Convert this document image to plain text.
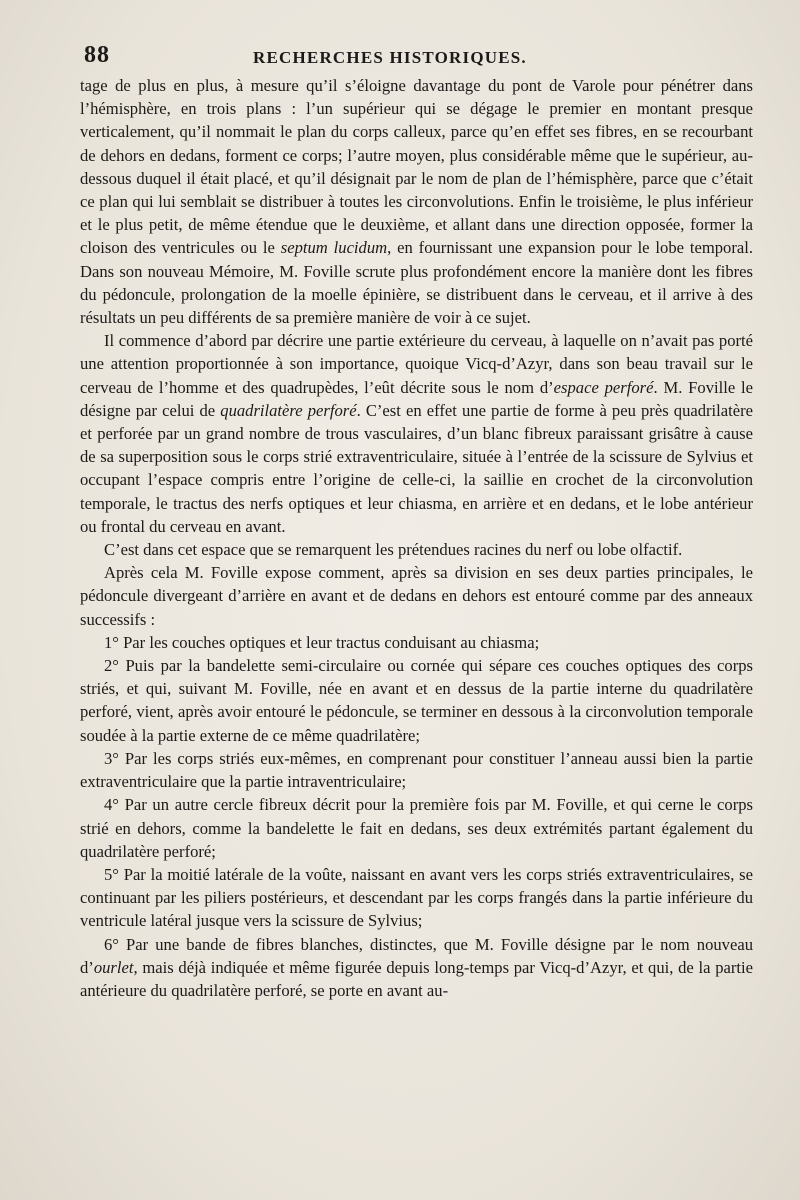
88	RECHERCHES HISTORIQUES.

tage de plus en plus, à mesure qu’il s’éloigne davantage du pont de Varole pour pénétrer dans l’hémisphère, en trois plans : l’un supérieur qui se dégage le premier en montant presque verticalement, qu’il nommait le plan du corps calleux, parce qu’en effet ses fibres, en se recourbant de dehors en dedans, forment ce corps; l’autre moyen, plus considérable même que le supérieur, au-dessous duquel il était placé, et qu’il désignait par le nom de plan de l’hémisphère, parce que c’était ce plan qui lui semblait se distribuer à toutes les circonvolutions. Enfin le troisième, le plus inférieur et le plus petit, de même étendue que le deuxième, et allant dans une direction opposée, former la cloison des ventricules ou le septum lucidum, en fournissant une expansion pour le lobe temporal. Dans son nouveau Mémoire, M. Foville scrute plus profondément encore la manière dont les fibres du pédoncule, prolongation de la moelle épinière, se distribuent dans le cerveau, et il arrive à des résultats un peu différents de sa première manière de voir à ce sujet.

Il commence d’abord par décrire une partie extérieure du cerveau, à laquelle on n’avait pas porté une attention proportionnée à son importance, quoique Vicq-d’Azyr, dans son beau travail sur le cerveau de l’homme et des quadrupèdes, l’eût décrite sous le nom d’espace perforé. M. Foville le désigne par celui de quadrilatère perforé. C’est en effet une partie de forme à peu près quadrilatère et perforée par un grand nombre de trous vasculaires, d’un blanc fibreux paraissant grisâtre à cause de sa superposition sous le corps strié extraventriculaire, située à l’entrée de la scissure de Sylvius et occupant l’espace compris entre l’origine de celle-ci, la saillie en crochet de la circonvolution temporale, le tractus des nerfs optiques et leur chiasma, en arrière et en dedans, et le lobe antérieur ou frontal du cerveau en avant.

C’est dans cet espace que se remarquent les prétendues racines du nerf ou lobe olfactif.

Après cela M. Foville expose comment, après sa division en ses deux parties principales, le pédoncule divergeant d’arrière en avant et de dedans en dehors est entouré comme par des anneaux successifs :

1° Par les couches optiques et leur tractus conduisant au chiasma;

2° Puis par la bandelette semi-circulaire ou cornée qui sépare ces couches optiques des corps striés, et qui, suivant M. Foville, née en avant et en dessus de la partie interne du quadrilatère perforé, vient, après avoir entouré le pédoncule, se terminer en dessous à la circonvolution temporale soudée à la partie externe de ce même quadrilatère;

3° Par les corps striés eux-mêmes, en comprenant pour constituer l’anneau aussi bien la partie extraventriculaire que la partie intraventriculaire;

4° Par un autre cercle fibreux décrit pour la première fois par M. Foville, et qui cerne le corps strié en dehors, comme la bandelette le fait en dedans, ses deux extrémités partant également du quadrilatère perforé;

5° Par la moitié latérale de la voûte, naissant en avant vers les corps striés extraventriculaires, se continuant par les piliers postérieurs, et descendant par les corps frangés dans la partie inférieure du ventricule latéral jusque vers la scissure de Sylvius;

6° Par une bande de fibres blanches, distinctes, que M. Foville désigne par le nom nouveau d’ourlet, mais déjà indiquée et même figurée depuis long-temps par Vicq-d’Azyr, et qui, de la partie antérieure du quadrilatère perforé, se porte en avant au-
